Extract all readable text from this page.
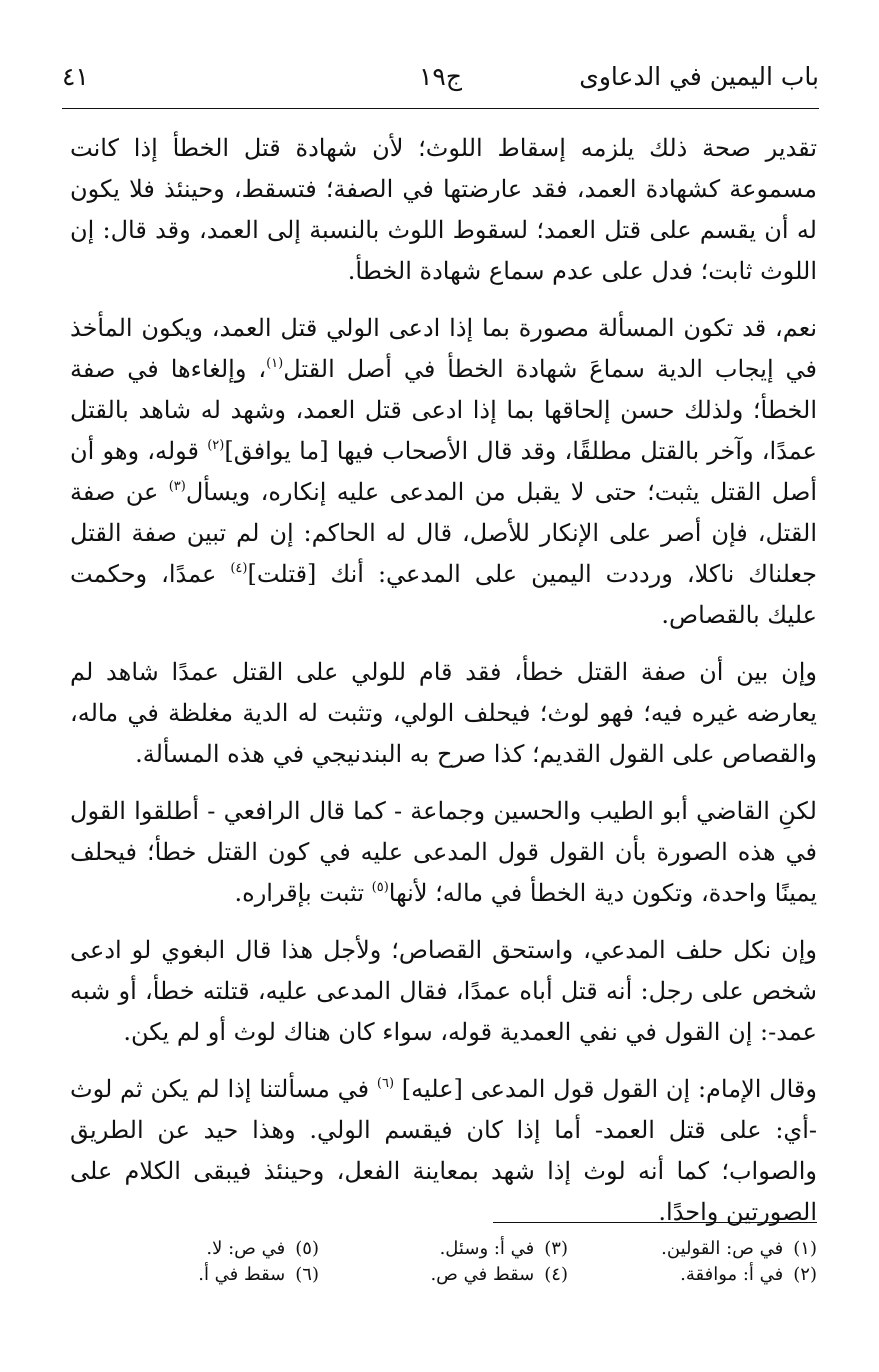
باب اليمين في الدعاوى
ج١٩
٤١

تقدير صحة ذلك يلزمه إسقاط اللوث؛ لأن شهادة قتل الخطأ إذا كانت مسموعة كشهادة العمد، فقد عارضتها في الصفة؛ فتسقط، وحينئذ فلا يكون له أن يقسم على قتل العمد؛ لسقوط اللوث بالنسبة إلى العمد، وقد قال: إن اللوث ثابت؛ فدل على عدم سماع شهادة الخطأ.

نعم، قد تكون المسألة مصورة بما إذا ادعى الولي قتل العمد، ويكون المأخذ في إيجاب الدية سماعَ شهادة الخطأ في أصل القتل$^{(١)}$، وإلغاءها في صفة الخطأ؛ ولذلك حسن إلحاقها بما إذا ادعى قتل العمد، وشهد له شاهد بالقتل عمدًا، وآخر بالقتل مطلقًا، وقد قال الأصحاب فيها [ما يوافق]$^{(٢)}$ قوله، وهو أن أصل القتل يثبت؛ حتى لا يقبل من المدعى عليه إنكاره، ويسأل$^{(٣)}$ عن صفة القتل، فإن أصر على الإنكار للأصل، قال له الحاكم: إن لم تبين صفة القتل جعلناك ناكلا، ورددت اليمين على المدعي: أنك [قتلت]$^{(٤)}$ عمدًا، وحكمت عليك بالقصاص.

وإن بين أن صفة القتل خطأ، فقد قام للولي على القتل عمدًا شاهد لم يعارضه غيره فيه؛ فهو لوث؛ فيحلف الولي، وتثبت له الدية مغلظة في ماله، والقصاص على القول القديم؛ كذا صرح به البندنيجي في هذه المسألة.

لكنِ القاضي أبو الطيب والحسين وجماعة - كما قال الرافعي - أطلقوا القول في هذه الصورة بأن القول قول المدعى عليه في كون القتل خطأ؛ فيحلف يمينًا واحدة، وتكون دية الخطأ في ماله؛ لأنها$^{(٥)}$ تثبت بإقراره.

وإن نكل حلف المدعي، واستحق القصاص؛ ولأجل هذا قال البغوي لو ادعى شخص على رجل: أنه قتل أباه عمدًا، فقال المدعى عليه، قتلته خطأ، أو شبه عمد-: إن القول في نفي العمدية قوله، سواء كان هناك لوث أو لم يكن.

وقال الإمام: إن القول قول المدعى [عليه] $^{(٦)}$ في مسألتنا إذا لم يكن ثم لوث -أي: على قتل العمد- أما إذا كان فيقسم الولي. وهذا حيد عن الطريق والصواب؛ كما أنه لوث إذا شهد بمعاينة الفعل، وحينئذ فيبقى الكلام على الصورتين واحدًا.

(١)في ص: القولين.
(٣)في أ: وسئل.
(٥)في ص: لا.
(٢)في أ: موافقة.
(٤)سقط في ص.
(٦)سقط في أ.
